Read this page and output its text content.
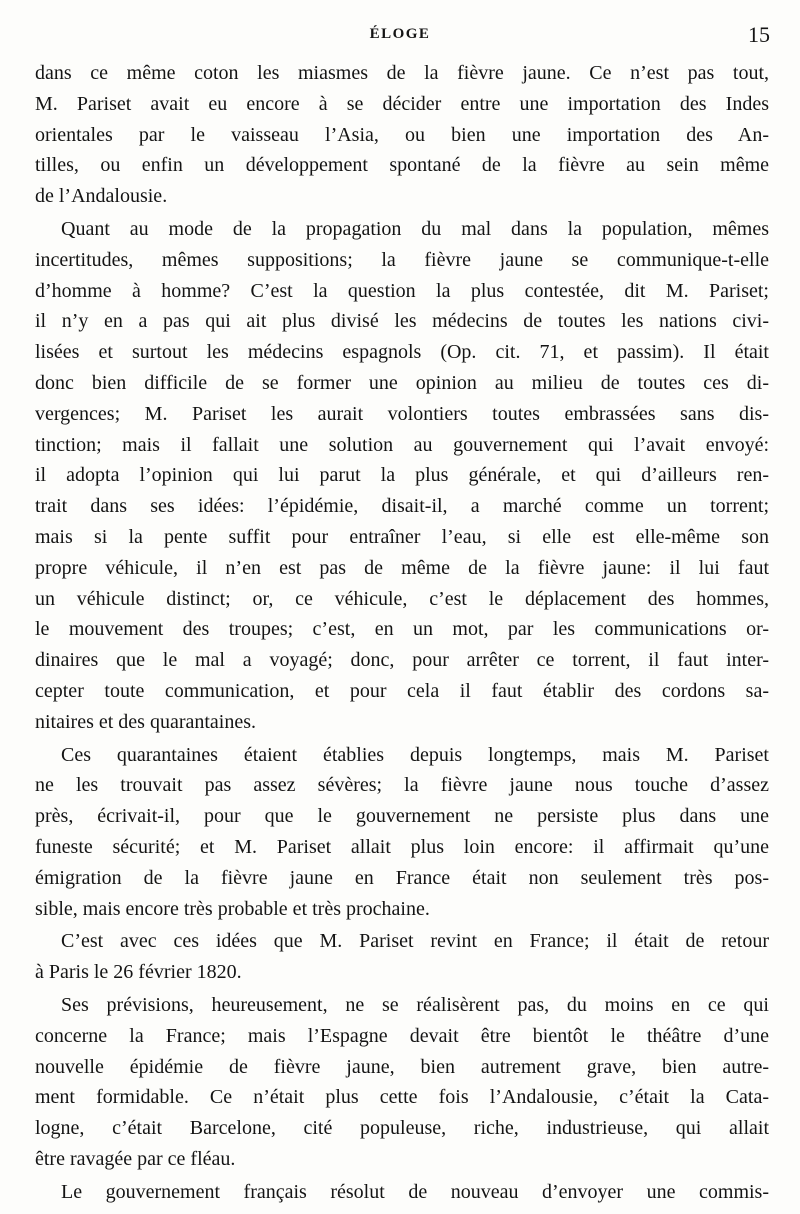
ÉLOGE	15
dans ce même coton les miasmes de la fièvre jaune. Ce n’est pas tout,
M. Pariset avait eu encore à se décider entre une importation des Indes
orientales par le vaisseau l’Asia, ou bien une importation des An-
tilles, ou enfin un développement spontané de la fièvre au sein même
de l’Andalousie.
Quant au mode de la propagation du mal dans la population, mêmes
incertitudes, mêmes suppositions; la fièvre jaune se communique-t-elle
d’homme à homme? C’est la question la plus contestée, dit M. Pariset;
il n’y en a pas qui ait plus divisé les médecins de toutes les nations civi-
lisées et surtout les médecins espagnols (Op. cit. 71, et passim). Il était
donc bien difficile de se former une opinion au milieu de toutes ces di-
vergences; M. Pariset les aurait volontiers toutes embrassées sans dis-
tinction; mais il fallait une solution au gouvernement qui l’avait envoyé:
il adopta l’opinion qui lui parut la plus générale, et qui d’ailleurs ren-
trait dans ses idées: l’épidémie, disait-il, a marché comme un torrent;
mais si la pente suffit pour entraîner l’eau, si elle est elle-même son
propre véhicule, il n’en est pas de même de la fièvre jaune: il lui faut
un véhicule distinct; or, ce véhicule, c’est le déplacement des hommes,
le mouvement des troupes; c’est, en un mot, par les communications or-
dinaires que le mal a voyagé; donc, pour arrêter ce torrent, il faut inter-
cepter toute communication, et pour cela il faut établir des cordons sa-
nitaires et des quarantaines.
Ces quarantaines étaient établies depuis longtemps, mais M. Pariset
ne les trouvait pas assez sévères; la fièvre jaune nous touche d’assez
près, écrivait-il, pour que le gouvernement ne persiste plus dans une
funeste sécurité; et M. Pariset allait plus loin encore: il affirmait qu’une
émigration de la fièvre jaune en France était non seulement très pos-
sible, mais encore très probable et très prochaine.
C’est avec ces idées que M. Pariset revint en France; il était de retour
à Paris le 26 février 1820.
Ses prévisions, heureusement, ne se réalisèrent pas, du moins en ce qui
concerne la France; mais l’Espagne devait être bientôt le théâtre d’une
nouvelle épidémie de fièvre jaune, bien autrement grave, bien autre-
ment formidable. Ce n’était plus cette fois l’Andalousie, c’était la Cata-
logne, c’était Barcelone, cité populeuse, riche, industrieuse, qui allait
être ravagée par ce fléau.
Le gouvernement français résolut de nouveau d’envoyer une commis-
